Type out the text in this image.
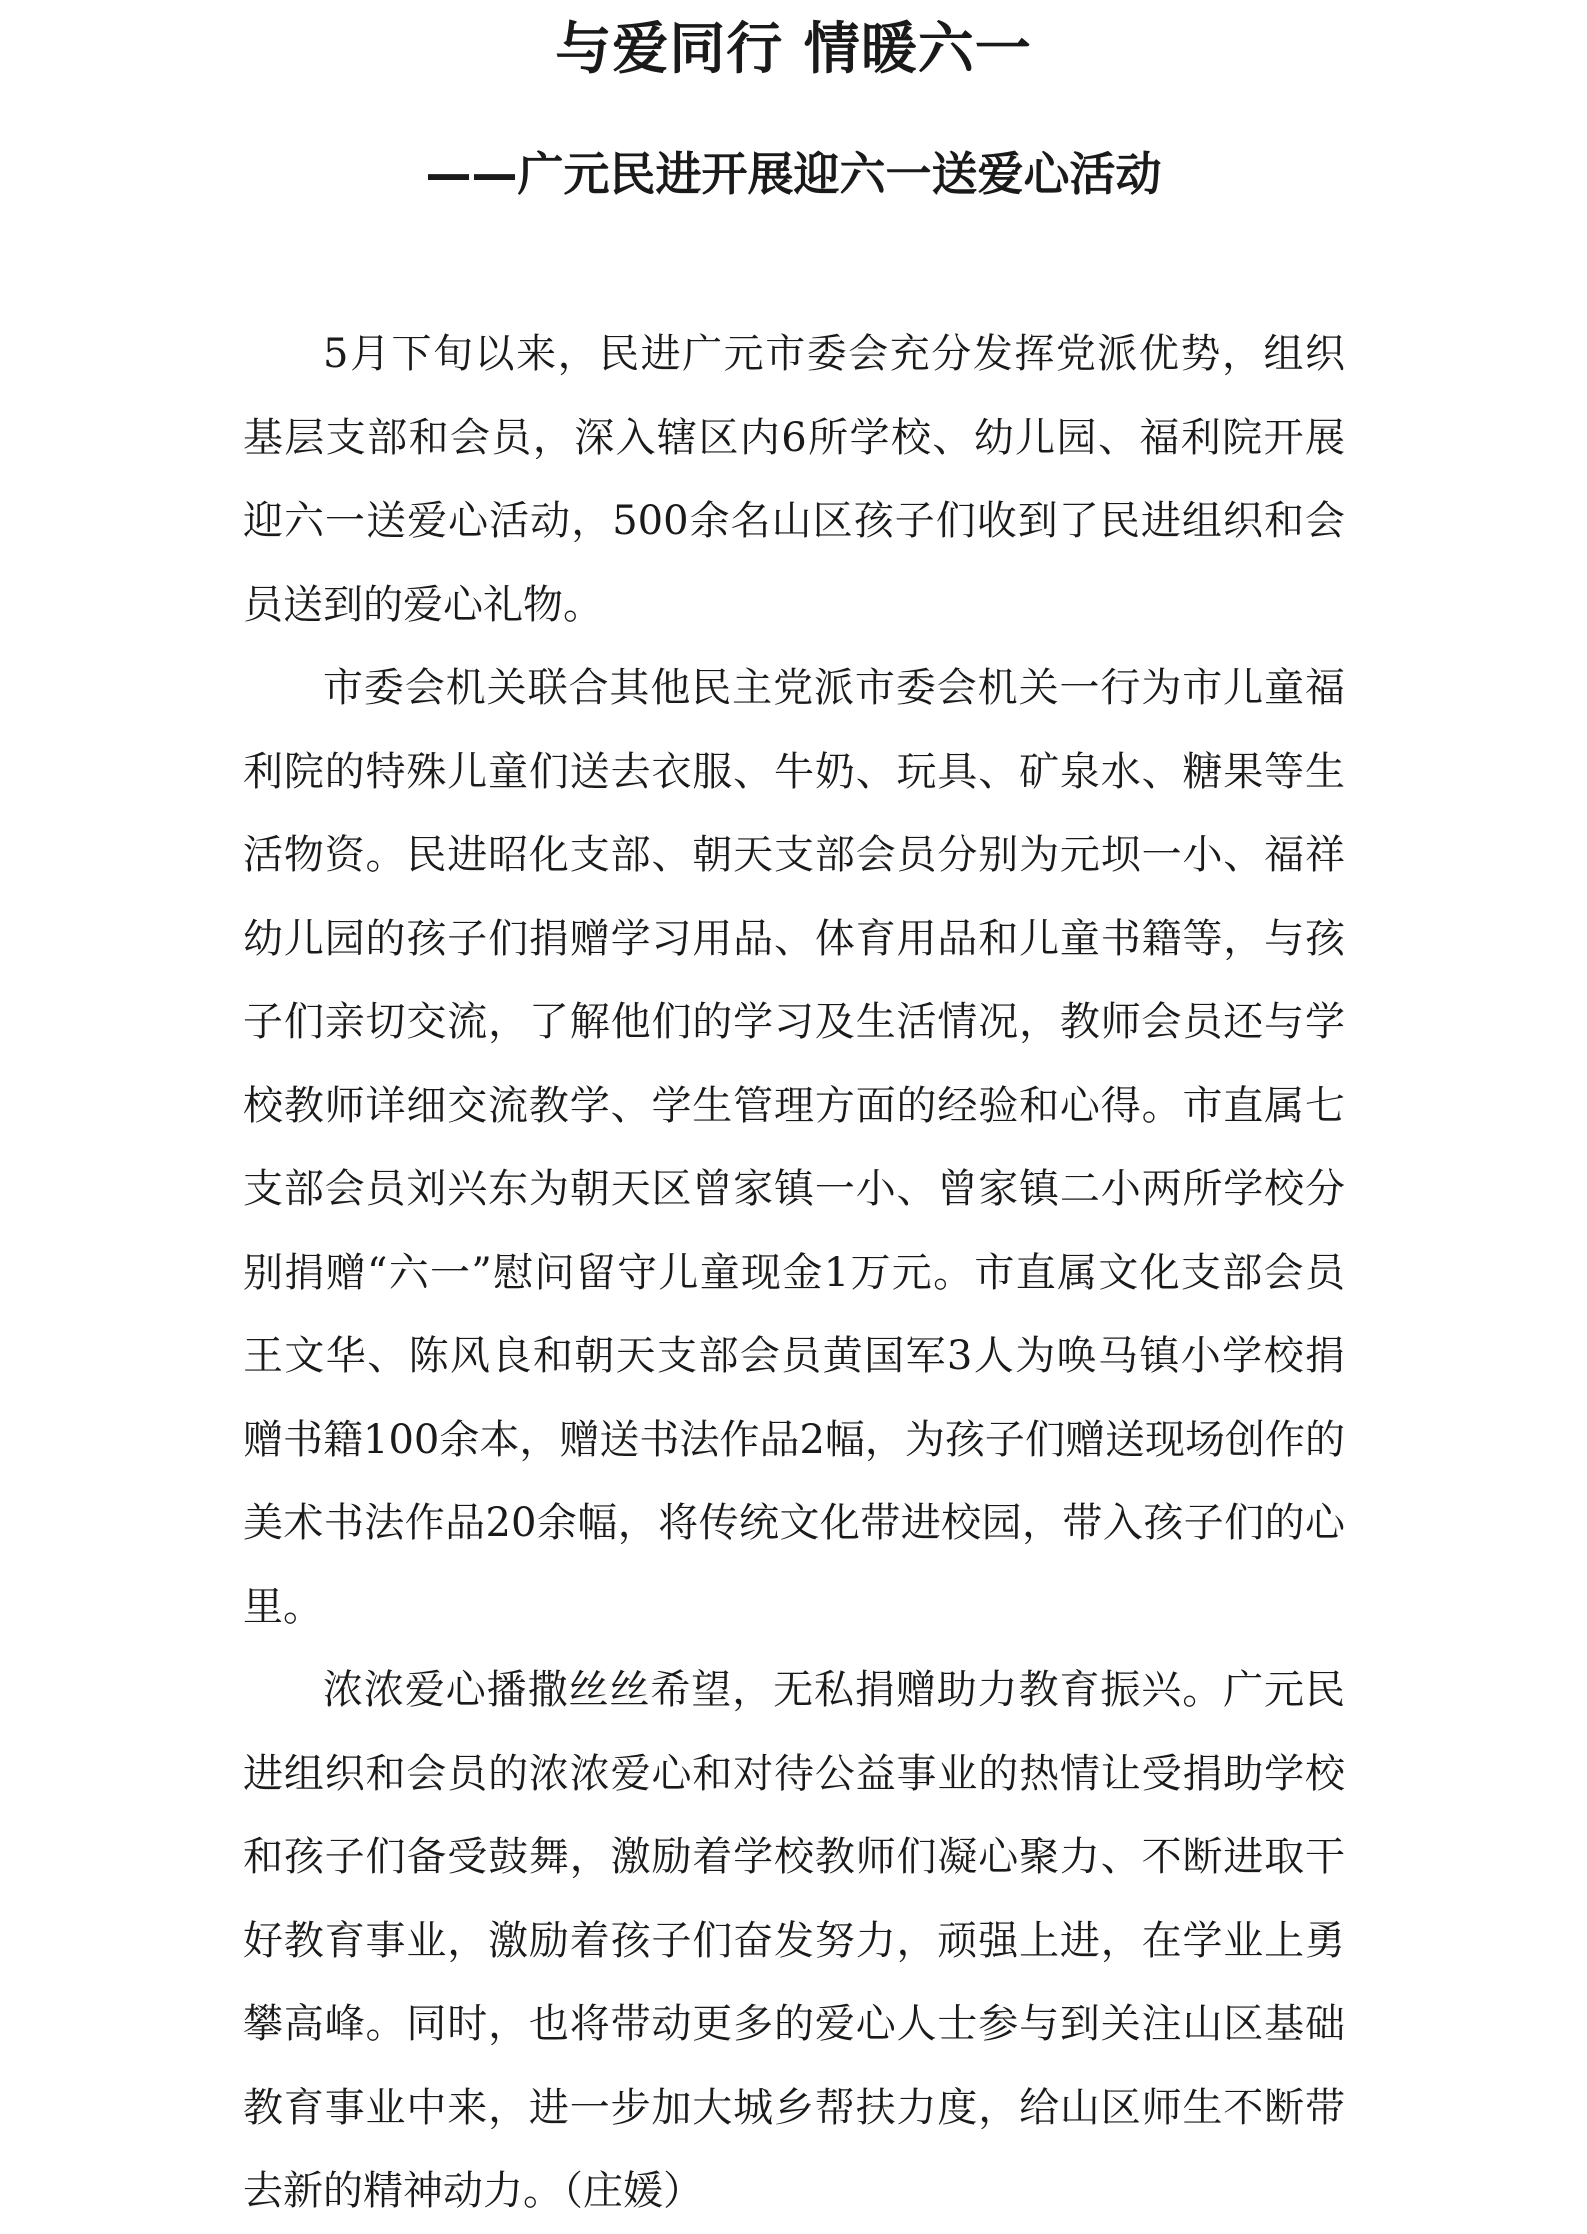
与爱同行 情暖六一
——广元民进开展迎六一送爱心活动

5月下旬以来，民进广元市委会充分发挥党派优势，组织基层支部和会员，深入辖区内6所学校、幼儿园、福利院开展迎六一送爱心活动，500余名山区孩子们收到了民进组织和会员送到的爱心礼物。

市委会机关联合其他民主党派市委会机关一行为市儿童福利院的特殊儿童们送去衣服、牛奶、玩具、矿泉水、糖果等生活物资。民进昭化支部、朝天支部会员分别为元坝一小、福祥幼儿园的孩子们捐赠学习用品、体育用品和儿童书籍等，与孩子们亲切交流，了解他们的学习及生活情况，教师会员还与学校教师详细交流教学、学生管理方面的经验和心得。市直属七支部会员刘兴东为朝天区曾家镇一小、曾家镇二小两所学校分别捐赠“六一”慰问留守儿童现金1万元。市直属文化支部会员王文华、陈风良和朝天支部会员黄国军3人为唤马镇小学校捐赠书籍100余本，赠送书法作品2幅，为孩子们赠送现场创作的美术书法作品20余幅，将传统文化带进校园，带入孩子们的心里。

浓浓爱心播撒丝丝希望，无私捐赠助力教育振兴。广元民进组织和会员的浓浓爱心和对待公益事业的热情让受捐助学校和孩子们备受鼓舞，激励着学校教师们凝心聚力、不断进取干好教育事业，激励着孩子们奋发努力，顽强上进，在学业上勇攀高峰。同时，也将带动更多的爱心人士参与到关注山区基础教育事业中来，进一步加大城乡帮扶力度，给山区师生不断带去新的精神动力。（庄媛）
